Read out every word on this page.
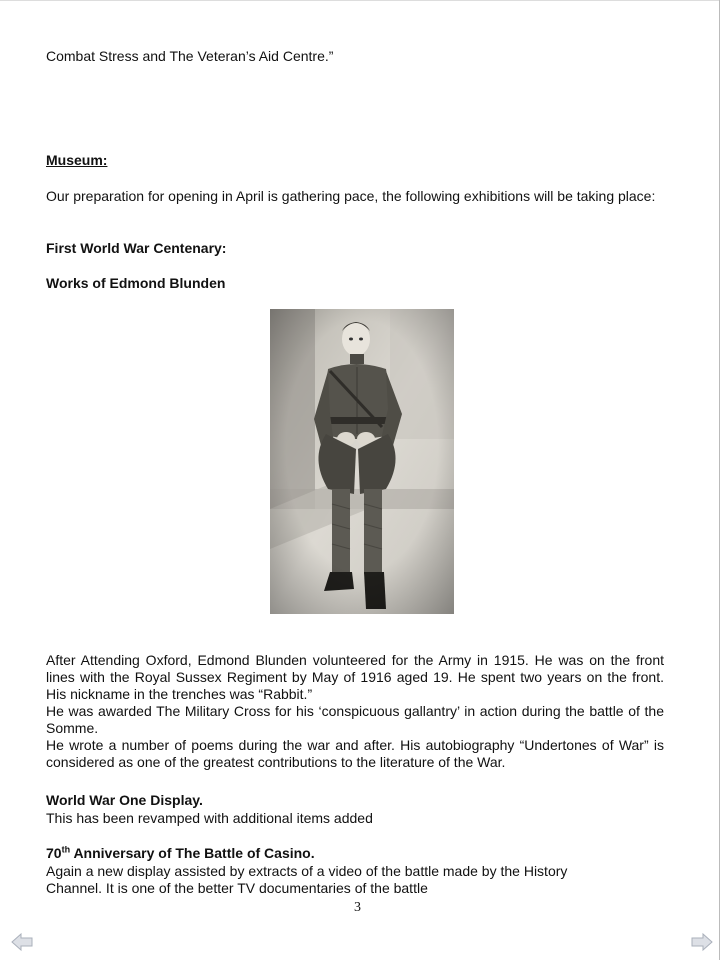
Combat Stress and The Veteran’s Aid Centre.”
Museum:
Our preparation for opening in April is gathering pace, the following exhibitions will be taking place:
First World War Centenary:
Works of Edmond Blunden

After Attending Oxford, Edmond Blunden volunteered for the Army in 1915. He was on the front lines with the Royal Sussex Regiment by May of 1916 aged 19. He spent two years on the front. His nickname in the trenches was “Rabbit.”

He was awarded The Military Cross for his ‘conspicuous gallantry’ in action during the battle of the Somme.

He wrote a number of poems during the war and after. His autobiography “Undertones of War” is considered as one of the greatest contributions to the literature of the War.

World War One Display.
This has been revamped with additional items added
70th Anniversary of The Battle of Casino.
Again a new display assisted by extracts of a video of the battle made by the History
Channel. It is one of the better TV documentaries of the battle
3
